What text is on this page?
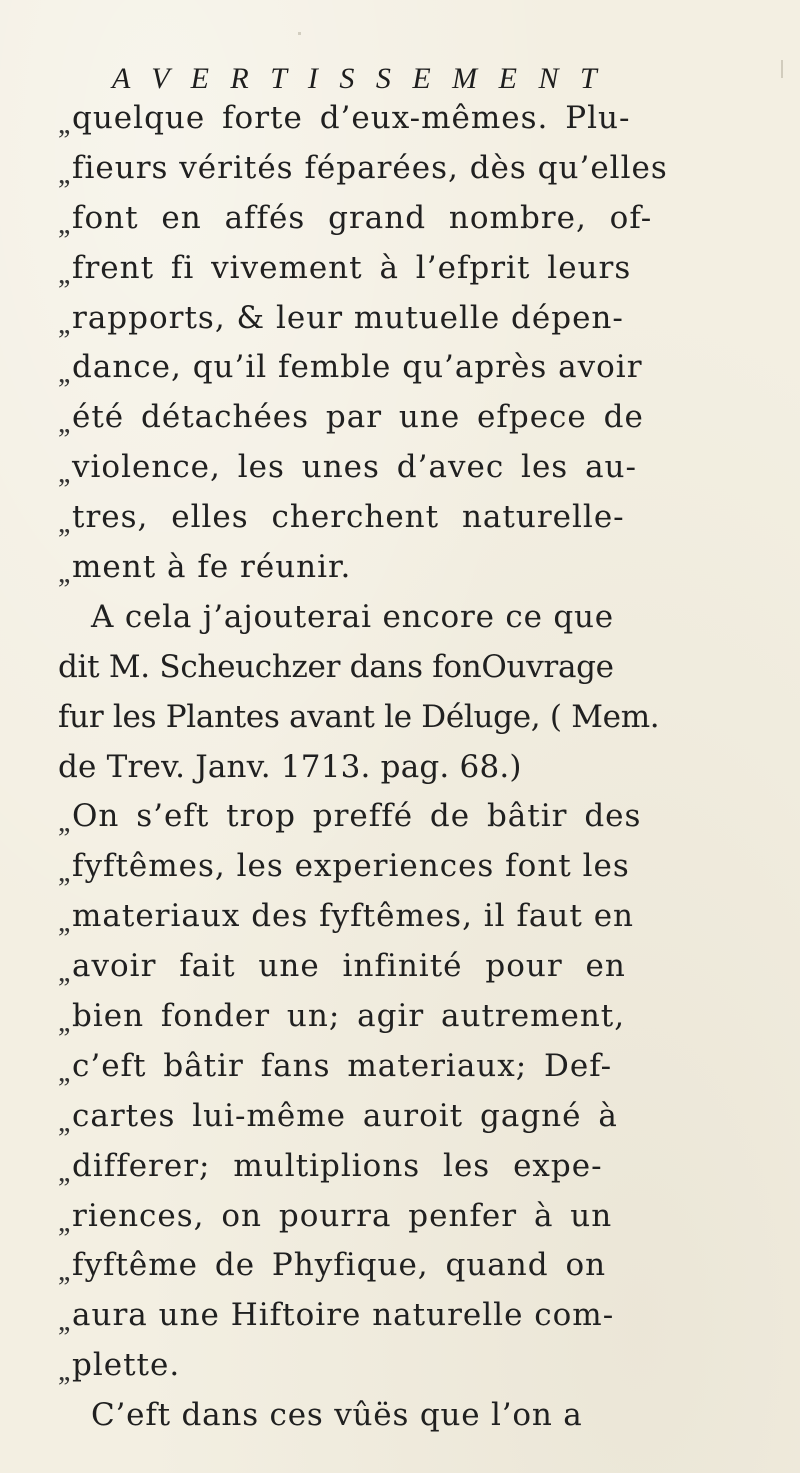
A V E R T I S S E M E N T
,, quelque forte d’eux-mêmes. Plu-
,, fieurs vérités féparées, dès qu’elles
,, font en affés grand nombre, of-
,, frent fi vivement à l’efprit leurs
,, rapports, & leur mutuelle dépen-
,, dance, qu’il femble qu’après avoir
,, été détachées par une efpece de
,, violence, les unes d’avec les au-
,, tres, elles cherchent naturelle-
,, ment à fe réunir.
A cela j’ajouterai encore ce que
dit M. Scheuchzer dans fonOuvrage
fur les Plantes avant le Déluge, ( Mem.
de Trev. Janv. 1713. pag. 68.)
,, On s’eft trop preffé de bâtir des
,, fyftêmes, les experiences font les
,, materiaux des fyftêmes, il faut en
,, avoir fait une infinité pour en
,, bien fonder un; agir autrement,
,, c’eft bâtir fans materiaux; Def-
,, cartes lui-même auroit gagné à
,, differer; multiplions les expe-
,, riences, on pourra penfer à un
,, fyftême de Phyfique, quand on
,, aura une Hiftoire naturelle com-
,, plette.
C’eft dans ces vûës que l’on a
